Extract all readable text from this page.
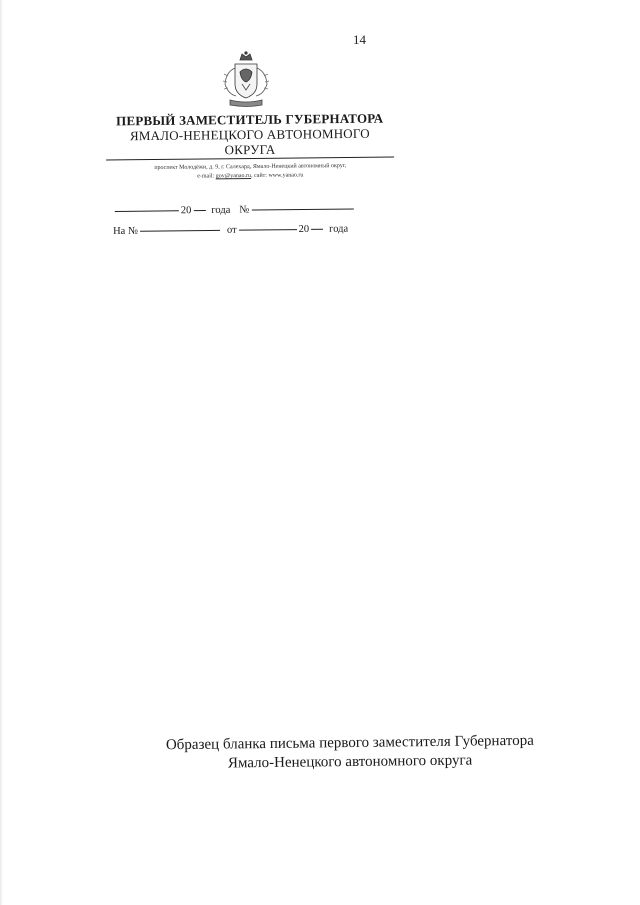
14
ПЕРВЫЙ ЗАМЕСТИТЕЛЬ ГУБЕРНАТОРА
ЯМАЛО-НЕНЕЦКОГО АВТОНОМНОГО ОКРУГА
проспект Молодёжи, д. 9, г. Салехард, Ямало-Ненецкий автономный округ,
e-mail: gov@yanao.ru, сайт: www.yanao.ru
20 года №
На №	от	20 года
Образец бланка письма первого заместителя Губернатора
Ямало-Ненецкого автономного округа
